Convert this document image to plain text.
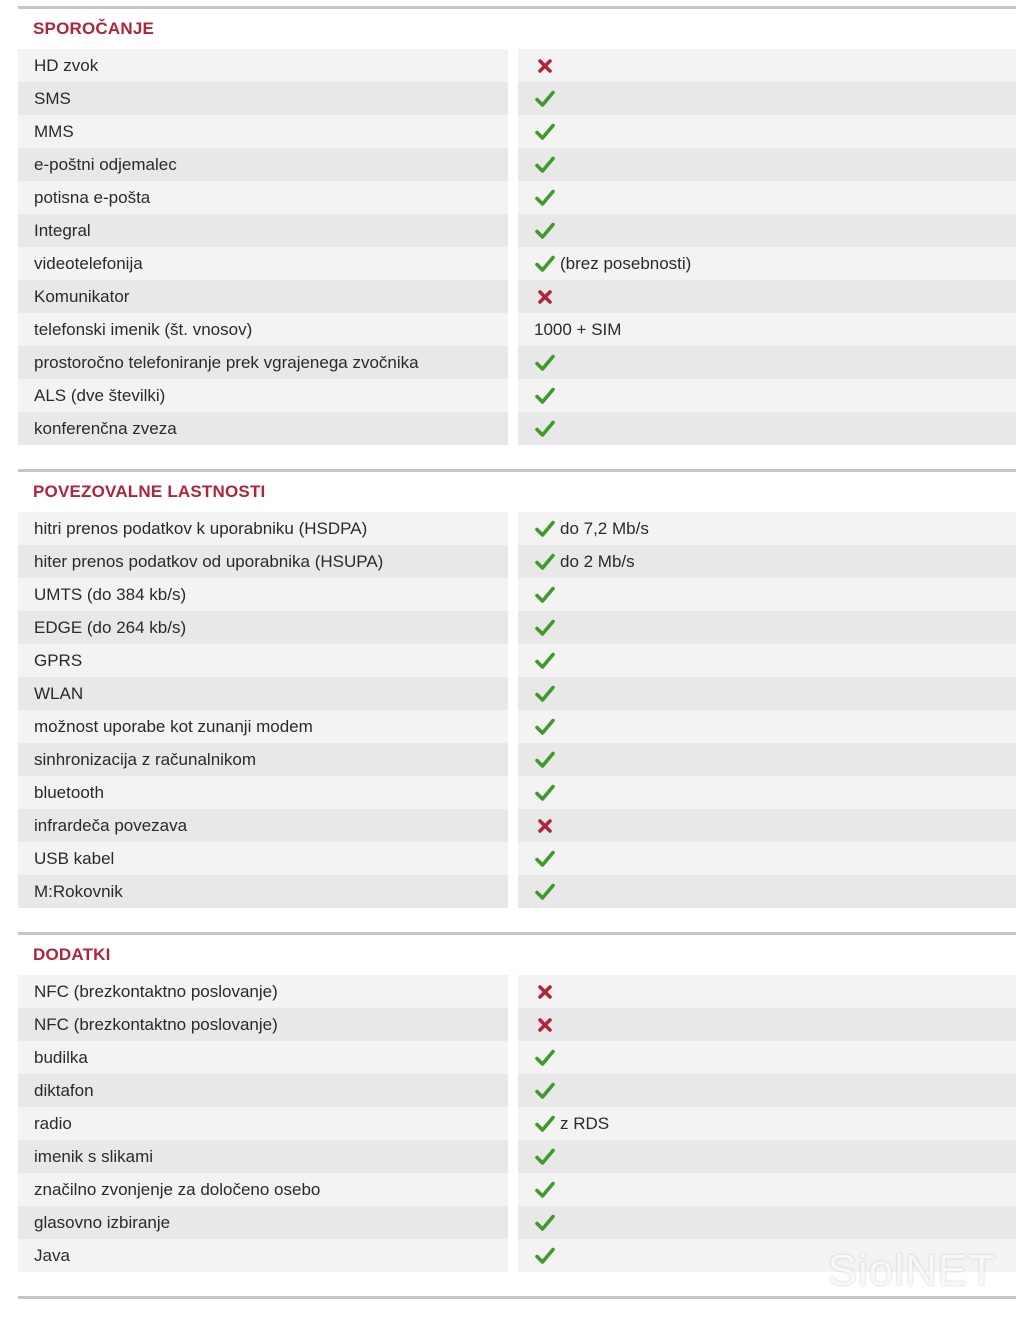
SPOROČANJE
HD zvok
SMS
MMS
e-poštni odjemalec
potisna e-pošta
Integral
videotelefonija	(brez posebnosti)
Komunikator
telefonski imenik (št. vnosov)	1000 + SIM
prostoročno telefoniranje prek vgrajenega zvočnika
ALS (dve številki)
konferenčna zveza
POVEZOVALNE LASTNOSTI
hitri prenos podatkov k uporabniku (HSDPA)	do 7,2 Mb/s
hiter prenos podatkov od uporabnika (HSUPA)	do 2 Mb/s
UMTS (do 384 kb/s)
EDGE (do 264 kb/s)
GPRS
WLAN
možnost uporabe kot zunanji modem
sinhronizacija z računalnikom
bluetooth
infrardeča povezava
USB kabel
M:Rokovnik
DODATKI
NFC (brezkontaktno poslovanje)
NFC (brezkontaktno poslovanje)
budilka
diktafon
radio	z RDS
imenik s slikami
značilno zvonjenje za določeno osebo
glasovno izbiranje
Java	SiolNET
